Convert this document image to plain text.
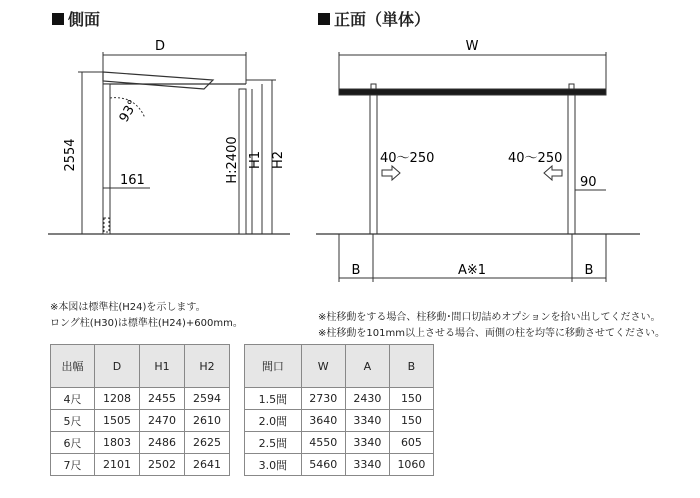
側面	正面（単体）
D
2554
93°
H:2400 H1 H2
161
W
40～250	40～250
90
B	A※1	B
※本図は標準柱(H24)を示します。
ロング柱(H30)は標準柱(H24)+600mm。
※柱移動をする場合、柱移動･間口切詰めオプションを拾い出してください。
※柱移動を101mm以上させる場合、両側の柱を均等に移動させてください。
出幅	D	H1	H2
4尺	1208	2455	2594
5尺	1505	2470	2610
6尺	1803	2486	2625
7尺	2101	2502	2641
間口	W	A	B
1.5間	2730	2430	150
2.0間	3640	3340	150
2.5間	4550	3340	605
3.0間	5460	3340	1060
